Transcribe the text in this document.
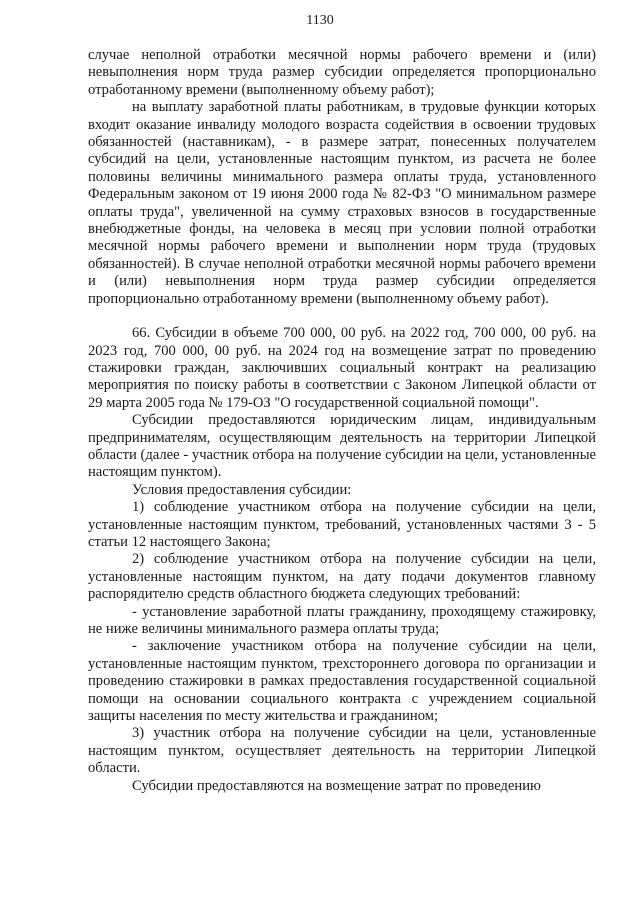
1130

случае неполной отработки месячной нормы рабочего времени и (или) невыполнения норм труда размер субсидии определяется пропорционально отработанному времени (выполненному объему работ);

на выплату заработной платы работникам, в трудовые функции которых входит оказание инвалиду молодого возраста содействия в освоении трудовых обязанностей (наставникам), - в размере затрат, понесенных получателем субсидий на цели, установленные настоящим пунктом, из расчета не более половины величины минимального размера оплаты труда, установленного Федеральным законом от 19 июня 2000 года № 82-ФЗ "О минимальном размере оплаты труда", увеличенной на сумму страховых взносов в государственные внебюджетные фонды, на человека в месяц при условии полной отработки месячной нормы рабочего времени и выполнении норм труда (трудовых обязанностей). В случае неполной отработки месячной нормы рабочего времени и (или) невыполнения норм труда размер субсидии определяется пропорционально отработанному времени (выполненному объему работ).

66. Субсидии в объеме 700 000, 00 руб. на 2022 год, 700 000, 00 руб. на 2023 год, 700 000, 00 руб. на 2024 год на возмещение затрат по проведению стажировки граждан, заключивших социальный контракт на реализацию мероприятия по поиску работы в соответствии с Законом Липецкой области от 29 марта 2005 года № 179-ОЗ "О государственной социальной помощи".

Субсидии предоставляются юридическим лицам, индивидуальным предпринимателям, осуществляющим деятельность на территории Липецкой области (далее - участник отбора на получение субсидии на цели, установленные настоящим пунктом).

Условия предоставления субсидии:

1) соблюдение участником отбора на получение субсидии на цели, установленные настоящим пунктом, требований, установленных частями 3 - 5 статьи 12 настоящего Закона;

2) соблюдение участником отбора на получение субсидии на цели, установленные настоящим пунктом, на дату подачи документов главному распорядителю средств областного бюджета следующих требований:

- установление заработной платы гражданину, проходящему стажировку, не ниже величины минимального размера оплаты труда;

- заключение участником отбора на получение субсидии на цели, установленные настоящим пунктом, трехстороннего договора по организации и проведению стажировки в рамках предоставления государственной социальной помощи на основании социального контракта с учреждением социальной защиты населения по месту жительства и гражданином;

3) участник отбора на получение субсидии на цели, установленные настоящим пунктом, осуществляет деятельность на территории Липецкой области.

Субсидии предоставляются на возмещение затрат по проведению
